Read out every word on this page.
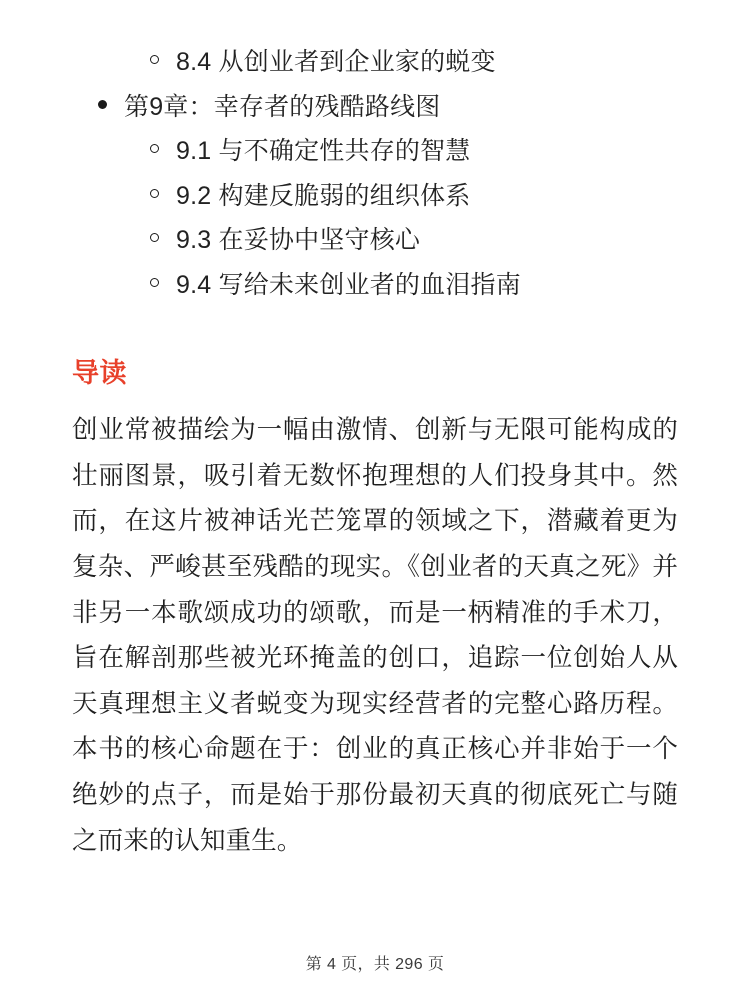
8.4 从创业者到企业家的蜕变
第9章：幸存者的残酷路线图
9.1 与不确定性共存的智慧
9.2 构建反脆弱的组织体系
9.3 在妥协中坚守核心
9.4 写给未来创业者的血泪指南
导读

创业常被描绘为一幅由激情、创新与无限可能构成的壮丽图景，吸引着无数怀抱理想的人们投身其中。然而，在这片被神话光芒笼罩的领域之下，潜藏着更为复杂、严峻甚至残酷的现实。《创业者的天真之死》并非另一本歌颂成功的颂歌，而是一柄精准的手术刀，旨在解剖那些被光环掩盖的创口，追踪一位创始人从天真理想主义者蜕变为现实经营者的完整心路历程。本书的核心命题在于：创业的真正核心并非始于一个绝妙的点子，而是始于那份最初天真的彻底死亡与随之而来的认知重生。

第 4 页，共 296 页
